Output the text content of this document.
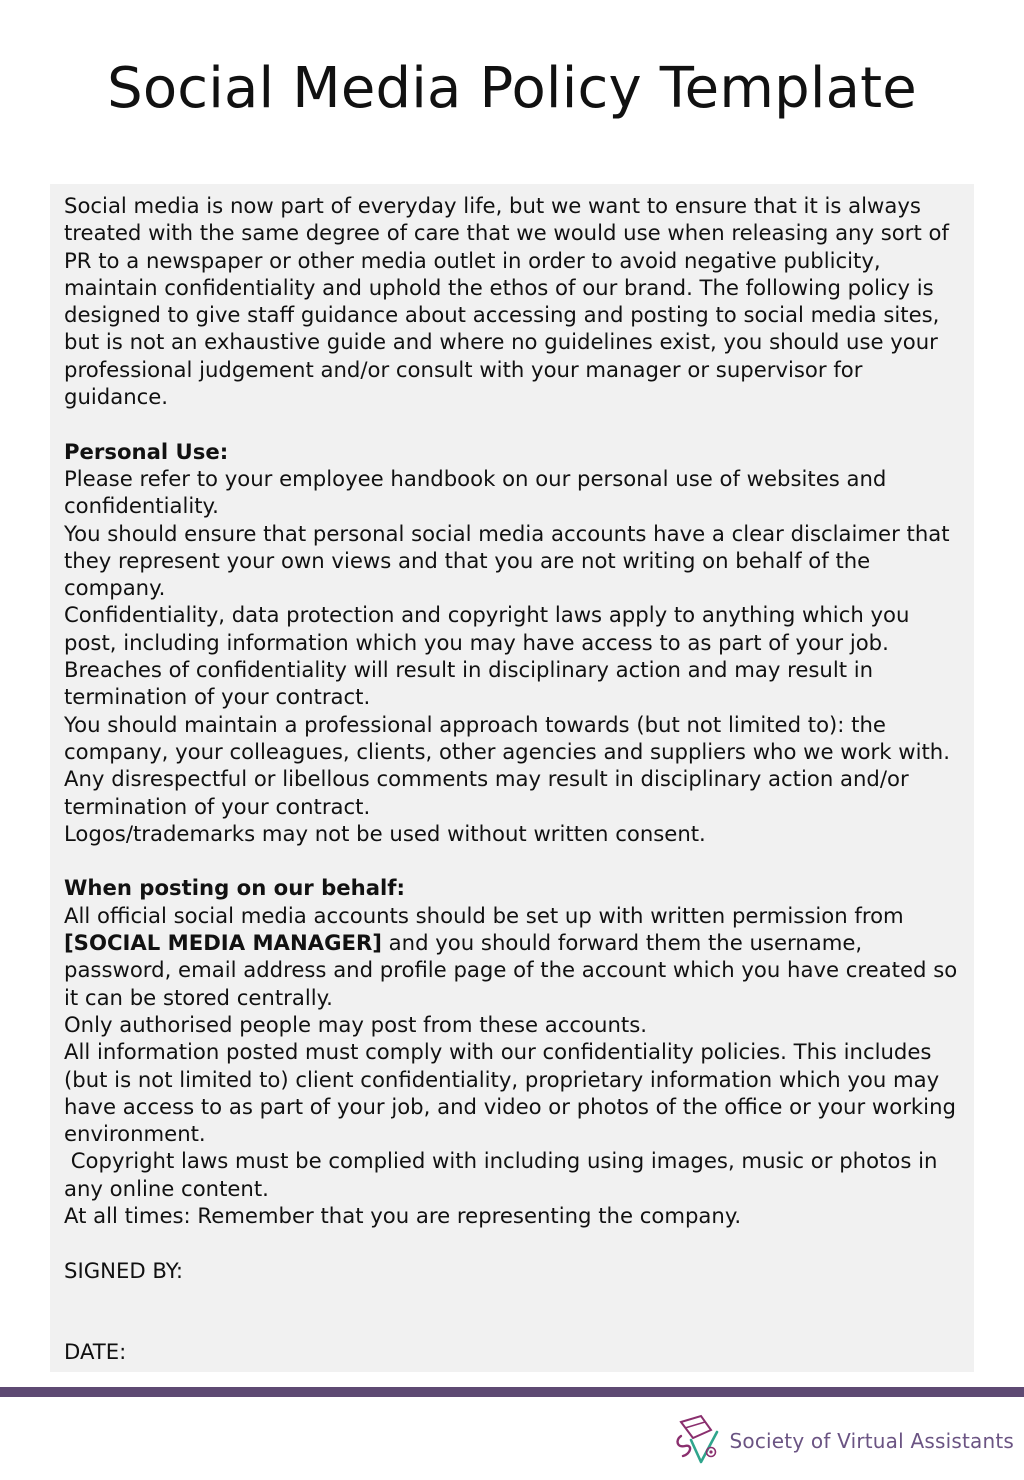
Social Media Policy Template

Social media is now part of everyday life, but we want to ensure that it is always treated with the same degree of care that we would use when releasing any sort of PR to a newspaper or other media outlet in order to avoid negative publicity, maintain confidentiality and uphold the ethos of our brand. The following policy is designed to give staff guidance about accessing and posting to social media sites, but is not an exhaustive guide and where no guidelines exist, you should use your professional judgement and/or consult with your manager or supervisor for guidance.

Personal Use:

Please refer to your employee handbook on our personal use of websites and confidentiality.

You should ensure that personal social media accounts have a clear disclaimer that they represent your own views and that you are not writing on behalf of the company.

Confidentiality, data protection and copyright laws apply to anything which you post, including information which you may have access to as part of your job. Breaches of confidentiality will result in disciplinary action and may result in termination of your contract.

You should maintain a professional approach towards (but not limited to): the company, your colleagues, clients, other agencies and suppliers who we work with. Any disrespectful or libellous comments may result in disciplinary action and/or termination of your contract.

Logos/trademarks may not be used without written consent.

When posting on our behalf:

All official social media accounts should be set up with written permission from [SOCIAL MEDIA MANAGER] and you should forward them the username, password, email address and profile page of the account which you have created so it can be stored centrally.

Only authorised people may post from these accounts.

All information posted must comply with our confidentiality policies. This includes (but is not limited to) client confidentiality, proprietary information which you may have access to as part of your job, and video or photos of the office or your working environment.

Copyright laws must be complied with including using images, music or photos in any online content.

At all times: Remember that you are representing the company.

SIGNED BY:

DATE:

Society of Virtual Assistants
